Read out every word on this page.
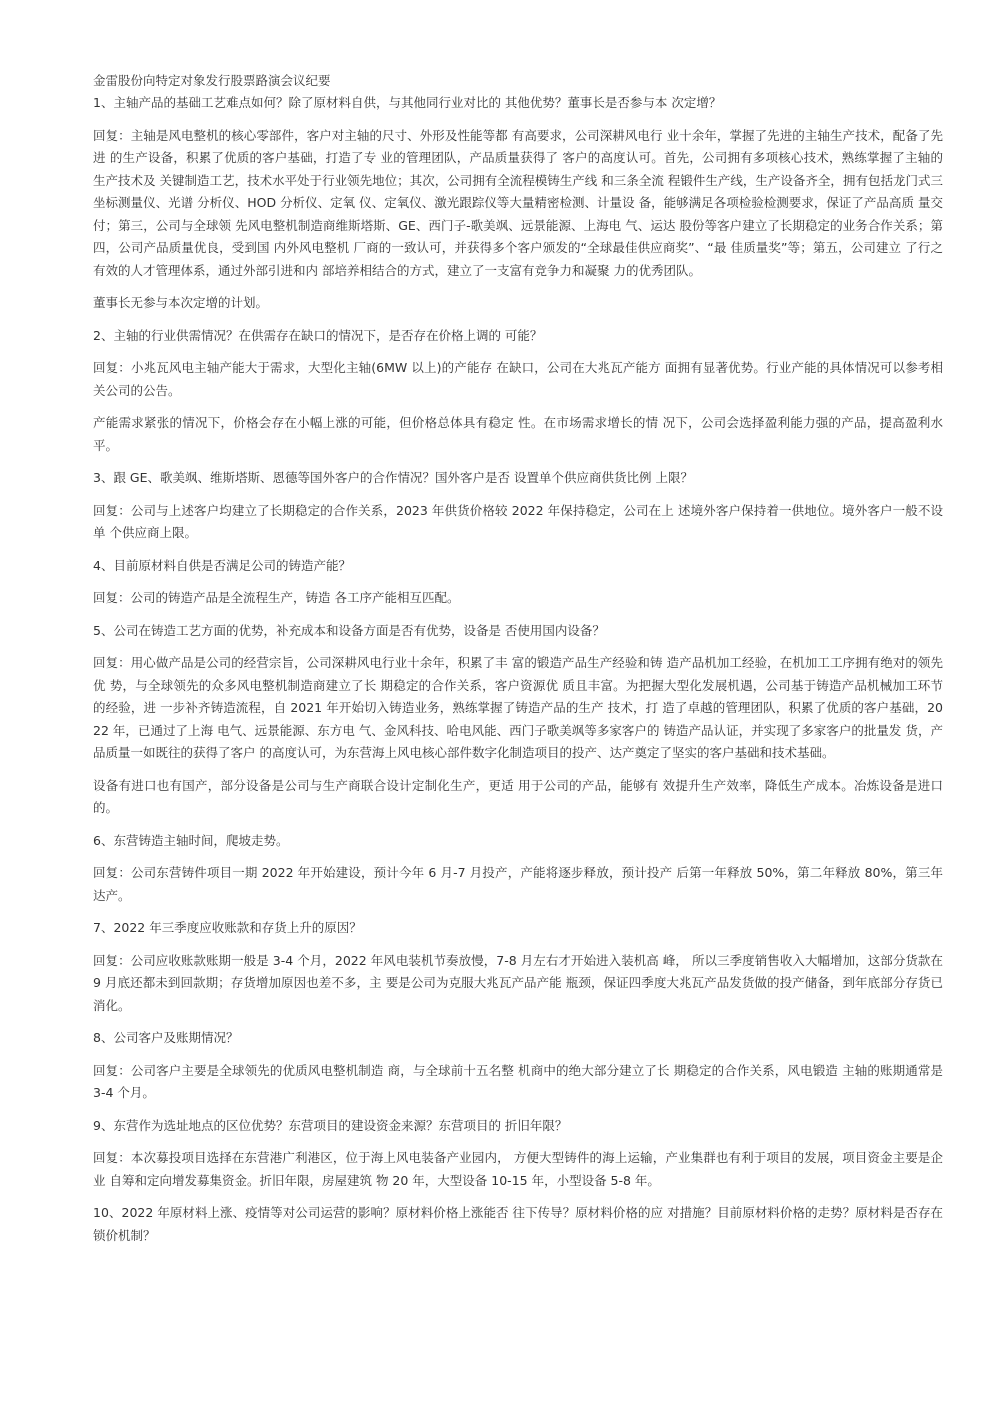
金雷股份向特定对象发行股票路演会议纪要

1、主轴产品的基础工艺难点如何？除了原材料自供，与其他同行业对比的 其他优势？董事长是否参与本 次定增？

回复：主轴是风电整机的核心零部件，客户对主轴的尺寸、外形及性能等都 有高要求，公司深耕风电行 业十余年，掌握了先进的主轴生产技术，配备了先进 的生产设备，积累了优质的客户基础，打造了专 业的管理团队，产品质量获得了 客户的高度认可。首先，公司拥有多项核心技术，熟练掌握了主轴的 生产技术及 关键制造工艺，技术水平处于行业领先地位；其次，公司拥有全流程模铸生产线 和三条全流 程锻件生产线，生产设备齐全，拥有包括龙门式三坐标测量仪、光谱 分析仪、HOD 分析仪、定氧 仪、定氧仪、激光跟踪仪等大量精密检测、计量设 备，能够满足各项检验检测要求，保证了产品高质 量交付；第三，公司与全球领 先风电整机制造商维斯塔斯、GE、西门子-歌美飒、远景能源、上海电 气、运达 股份等客户建立了长期稳定的业务合作关系；第四，公司产品质量优良，受到国 内外风电整机 厂商的一致认可，并获得多个客户颁发的“全球最佳供应商奖”、“最 佳质量奖”等；第五，公司建立 了行之有效的人才管理体系，通过外部引进和内 部培养相结合的方式，建立了一支富有竞争力和凝聚 力的优秀团队。

董事长无参与本次定增的计划。

2、主轴的行业供需情况？在供需存在缺口的情况下，是否存在价格上调的 可能？

回复：小兆瓦风电主轴产能大于需求，大型化主轴(6MW 以上)的产能存 在缺口，公司在大兆瓦产能方 面拥有显著优势。行业产能的具体情况可以参考相 关公司的公告。

产能需求紧张的情况下，价格会存在小幅上涨的可能，但价格总体具有稳定 性。在市场需求增长的情 况下，公司会选择盈利能力强的产品，提高盈利水平。

3、跟 GE、歌美飒、维斯塔斯、恩德等国外客户的合作情况？国外客户是否 设置单个供应商供货比例 上限？

回复：公司与上述客户均建立了长期稳定的合作关系，2023 年供货价格较 2022 年保持稳定，公司在上 述境外客户保持着一供地位。境外客户一般不设单 个供应商上限。

4、目前原材料自供是否满足公司的铸造产能？

回复：公司的铸造产品是全流程生产，铸造 各工序产能相互匹配。

5、公司在铸造工艺方面的优势，补充成本和设备方面是否有优势，设备是 否使用国内设备？

回复：用心做产品是公司的经营宗旨，公司深耕风电行业十余年，积累了丰 富的锻造产品生产经验和铸 造产品机加工经验，在机加工工序拥有绝对的领先优 势，与全球领先的众多风电整机制造商建立了长 期稳定的合作关系，客户资源优 质且丰富。为把握大型化发展机遇，公司基于铸造产品机械加工环节 的经验，进 一步补齐铸造流程，自 2021 年开始切入铸造业务，熟练掌握了铸造产品的生产 技术，打 造了卓越的管理团队，积累了优质的客户基础，2022 年，已通过了上海 电气、远景能源、东方电 气、金风科技、哈电风能、西门子歌美飒等多家客户的 铸造产品认证，并实现了多家客户的批量发 货，产品质量一如既往的获得了客户 的高度认可，为东营海上风电核心部件数字化制造项目的投产、达产奠定了坚实的客户基础和技术基础。

设备有进口也有国产，部分设备是公司与生产商联合设计定制化生产，更适 用于公司的产品，能够有 效提升生产效率，降低生产成本。冶炼设备是进口的。

6、东营铸造主轴时间，爬坡走势。

回复：公司东营铸件项目一期 2022 年开始建设，预计今年 6 月-7 月投产，产能将逐步释放，预计投产 后第一年释放 50%，第二年释放 80%，第三年达产。

7、2022 年三季度应收账款和存货上升的原因？

回复：公司应收账款账期一般是 3-4 个月，2022 年风电装机节奏放慢，7-8 月左右才开始进入装机高 峰， 所以三季度销售收入大幅增加，这部分货款在 9 月底还都未到回款期；存货增加原因也差不多，主 要是公司为克服大兆瓦产品产能 瓶颈，保证四季度大兆瓦产品发货做的投产储备，到年底部分存货已 消化。

8、公司客户及账期情况？

回复：公司客户主要是全球领先的优质风电整机制造 商，与全球前十五名整 机商中的绝大部分建立了长 期稳定的合作关系，风电锻造 主轴的账期通常是 3-4 个月。

9、东营作为选址地点的区位优势？东营项目的建设资金来源？东营项目的 折旧年限？

回复：本次募投项目选择在东营港广利港区，位于海上风电装备产业园内， 方便大型铸件的海上运输，产业集群也有利于项目的发展，项目资金主要是企业 自筹和定向增发募集资金。折旧年限，房屋建筑 物 20 年，大型设备 10-15 年，小型设备 5-8 年。

10、2022 年原材料上涨、疫情等对公司运营的影响？原材料价格上涨能否 往下传导？原材料价格的应 对措施？目前原材料价格的走势？原材料是否存在 锁价机制？
